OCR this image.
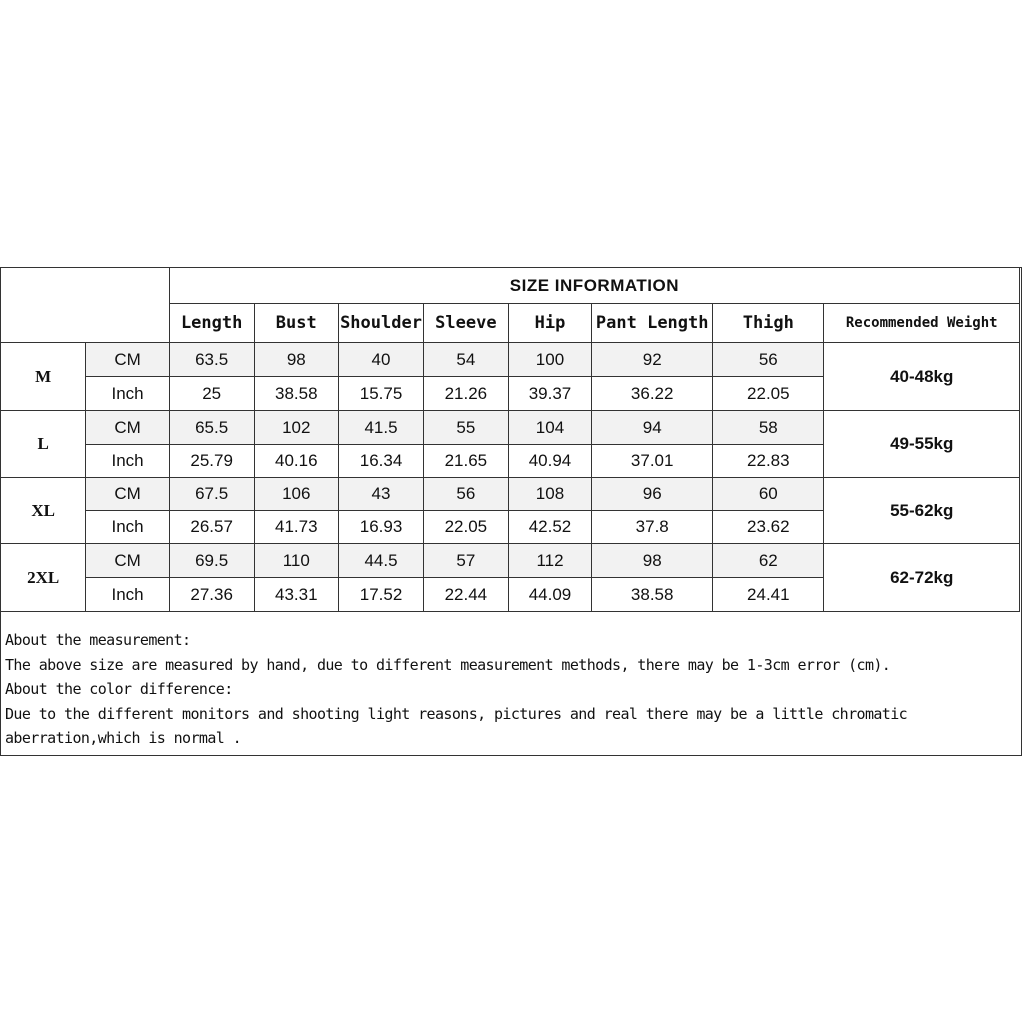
		SIZE INFORMATION							
		Length	Bust	Shoulder	Sleeve	Hip	Pant Length	Thigh	Recommended Weight
M	CM	63.5	98	40	54	100	92	56	40-48kg
	Inch	25	38.58	15.75	21.26	39.37	36.22	22.05	
L	CM	65.5	102	41.5	55	104	94	58	49-55kg
	Inch	25.79	40.16	16.34	21.65	40.94	37.01	22.83	
XL	CM	67.5	106	43	56	108	96	60	55-62kg
	Inch	26.57	41.73	16.93	22.05	42.52	37.8	23.62	
2XL	CM	69.5	110	44.5	57	112	98	62	62-72kg
	Inch	27.36	43.31	17.52	22.44	44.09	38.58	24.41	
About the measurement:
The above size are measured by hand, due to different measurement methods, there may be 1-3cm error (cm).
About the color difference:
Due to the different monitors and shooting light reasons, pictures and real there may be a little chromatic aberration,which is normal .
